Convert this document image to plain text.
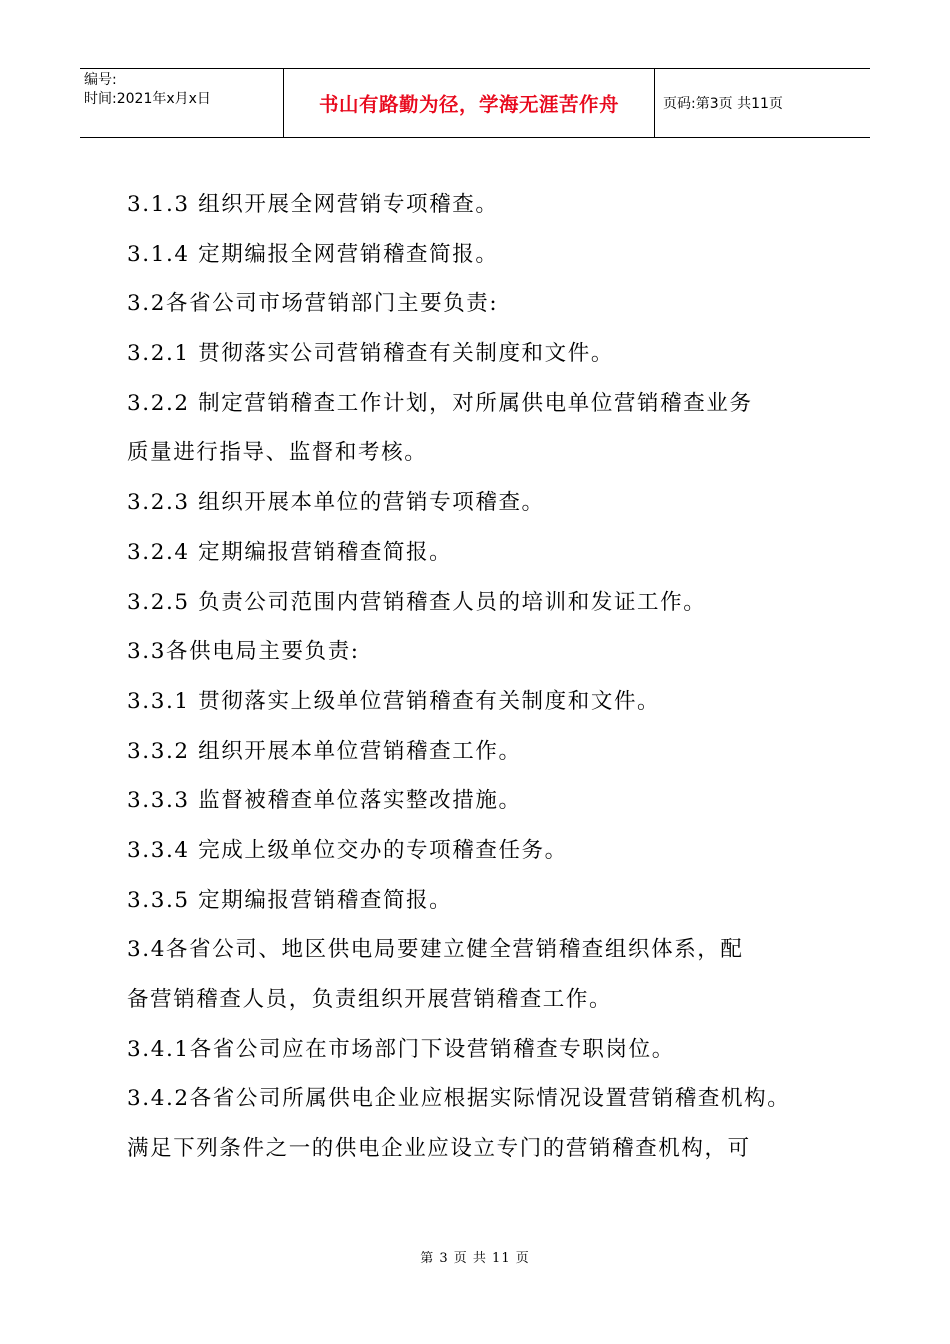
编号:
时间:2021年x月x日	书山有路勤为径，学海无涯苦作舟	页码:第3页 共11页
3.1.3 组织开展全网营销专项稽查。
3.1.4 定期编报全网营销稽查简报。
3.2各省公司市场营销部门主要负责:
3.2.1 贯彻落实公司营销稽查有关制度和文件。
3.2.2 制定营销稽查工作计划，对所属供电单位营销稽查业务
质量进行指导、监督和考核。
3.2.3 组织开展本单位的营销专项稽查。
3.2.4 定期编报营销稽查简报。
3.2.5 负责公司范围内营销稽查人员的培训和发证工作。
3.3各供电局主要负责:
3.3.1 贯彻落实上级单位营销稽查有关制度和文件。
3.3.2 组织开展本单位营销稽查工作。
3.3.3 监督被稽查单位落实整改措施。
3.3.4 完成上级单位交办的专项稽查任务。
3.3.5 定期编报营销稽查简报。
3.4各省公司、地区供电局要建立健全营销稽查组织体系，配
备营销稽查人员，负责组织开展营销稽查工作。
3.4.1各省公司应在市场部门下设营销稽查专职岗位。
3.4.2各省公司所属供电企业应根据实际情况设置营销稽查机构。
满足下列条件之一的供电企业应设立专门的营销稽查机构，可
第 3 页 共 11 页
